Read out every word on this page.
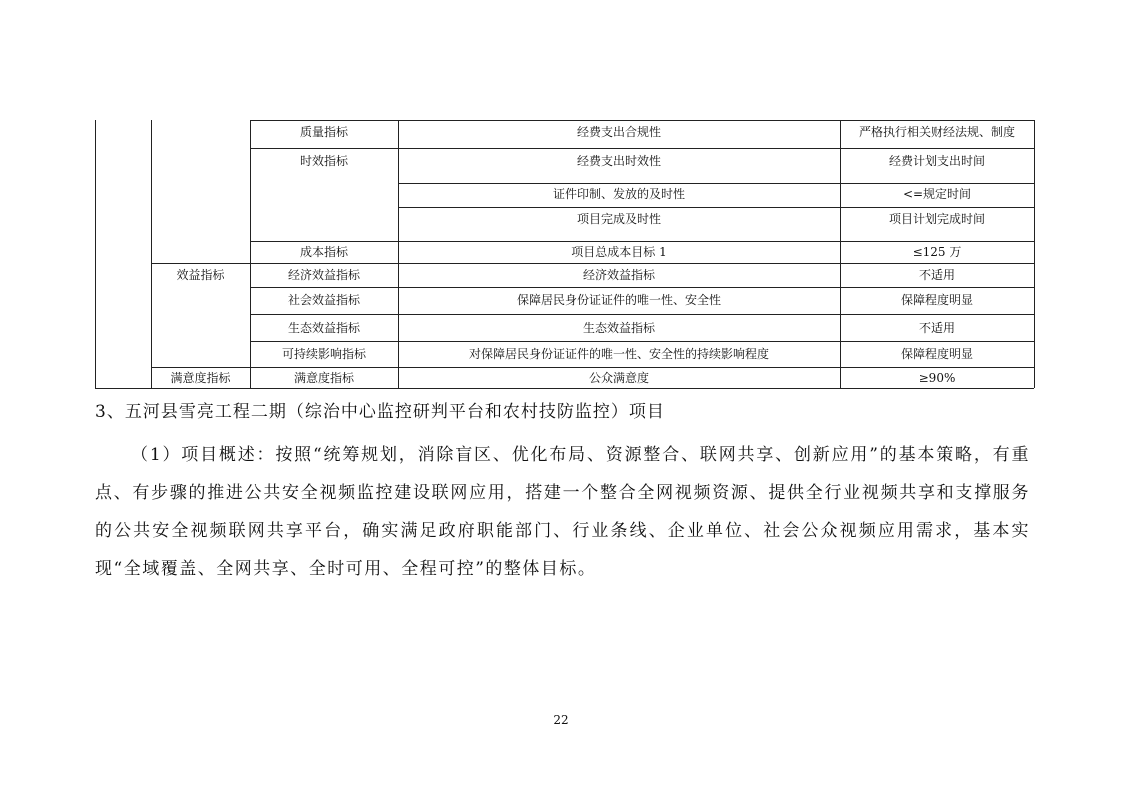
质量指标	经费支出合规性	严格执行相关财经法规、制度
时效指标	经费支出时效性	经费计划支出时间
证件印制、发放的及时性	<=规定时间
项目完成及时性	项目计划完成时间
成本指标	项目总成本目标 1	≤125 万
效益指标	经济效益指标	经济效益指标	不适用
社会效益指标	保障居民身份证证件的唯一性、安全性	保障程度明显
生态效益指标	生态效益指标	不适用
可持续影响指标	对保障居民身份证证件的唯一性、安全性的持续影响程度	保障程度明显
满意度指标	满意度指标	公众满意度	≥90%
3、五河县雪亮工程二期（综治中心监控研判平台和农村技防监控）项目
（1）项目概述：按照“统筹规划，消除盲区、优化布局、资源整合、联网共享、创新应用”的基本策略，有重点、有步骤的推进公共安全视频监控建设联网应用，搭建一个整合全网视频资源、提供全行业视频共享和支撑服务的公共安全视频联网共享平台，确实满足政府职能部门、行业条线、企业单位、社会公众视频应用需求，基本实现“全域覆盖、全网共享、全时可用、全程可控”的整体目标。
22
